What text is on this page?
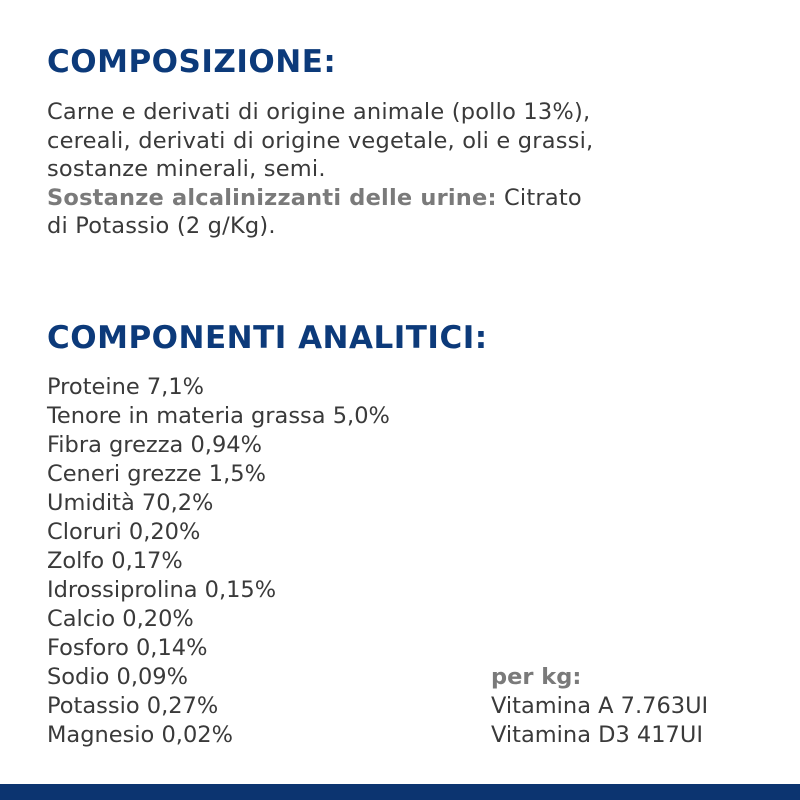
COMPOSIZIONE:
Carne e derivati di origine animale (pollo 13%),
cereali, derivati di origine vegetale, oli e grassi,
sostanze minerali, semi.
Sostanze alcalinizzanti delle urine: Citrato
di Potassio (2 g/Kg).
COMPONENTI ANALITICI:
Proteine 7,1%
Tenore in materia grassa 5,0%
Fibra grezza 0,94%
Ceneri grezze 1,5%
Umidità 70,2%
Cloruri 0,20%
Zolfo 0,17%
Idrossiprolina 0,15%
Calcio 0,20%
Fosforo 0,14%
Sodio 0,09%
Potassio 0,27%
Magnesio 0,02%
per kg:
Vitamina A 7.763UI
Vitamina D3 417UI
